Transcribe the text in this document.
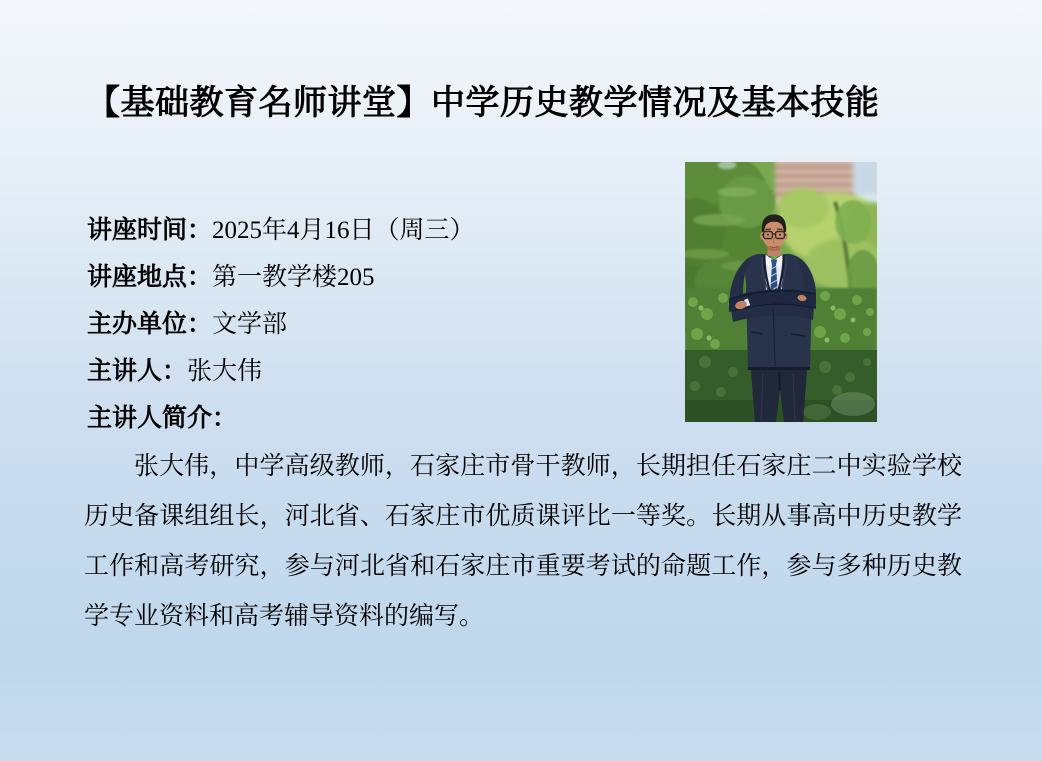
【基础教育名师讲堂】中学历史教学情况及基本技能
讲座时间：2025年4月16日（周三）
讲座地点：第一教学楼205
主办单位：文学部
主讲人：张大伟
主讲人简介：

张大伟，中学高级教师，石家庄市骨干教师，长期担任石家庄二中实验学校历史备课组组长，河北省、石家庄市优质课评比一等奖。长期从事高中历史教学工作和高考研究，参与河北省和石家庄市重要考试的命题工作，参与多种历史教学专业资料和高考辅导资料的编写。
